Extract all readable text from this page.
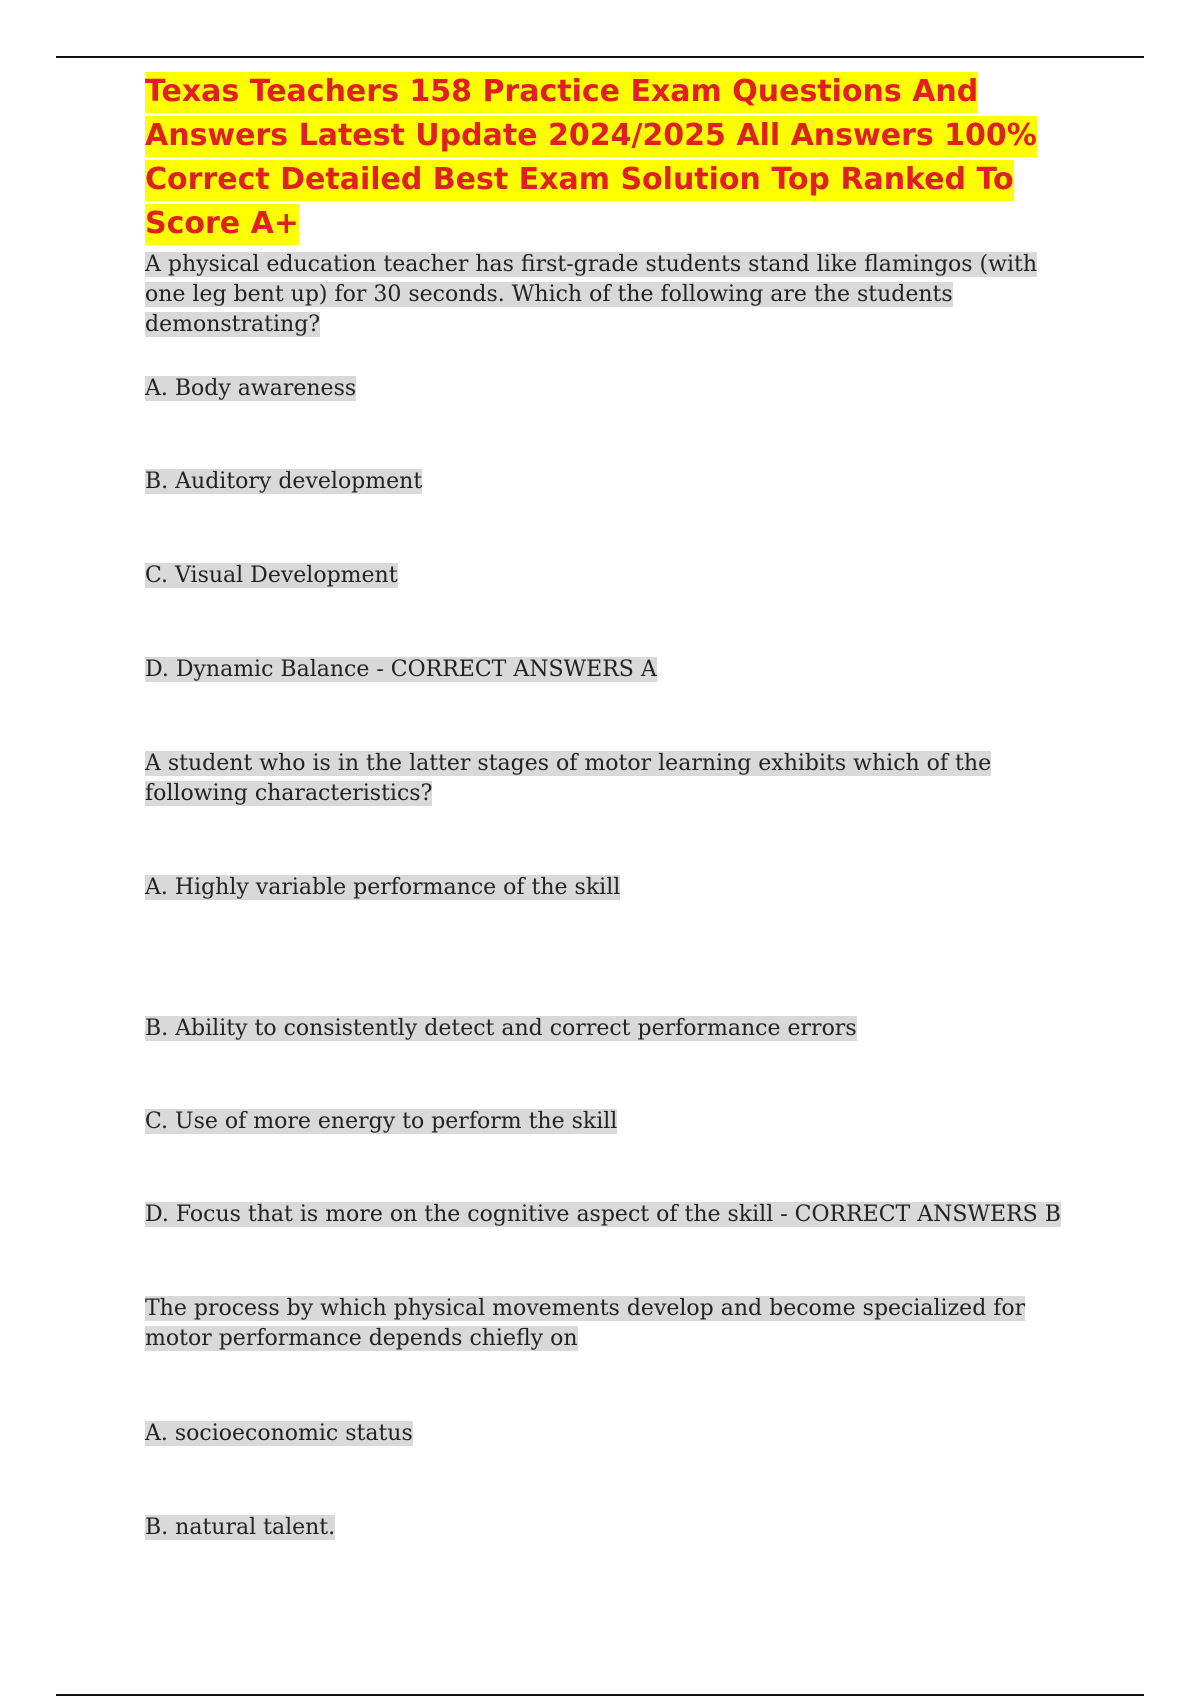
Texas Teachers 158 Practice Exam Questions And Answers Latest Update 2024/2025 All Answers 100% Correct Detailed Best Exam Solution Top Ranked To Score A+

A physical education teacher has first-grade students stand like flamingos (with one leg bent up) for 30 seconds. Which of the following are the students demonstrating?

A. Body awareness

B. Auditory development

C. Visual Development

D. Dynamic Balance - CORRECT ANSWERS A

A student who is in the latter stages of motor learning exhibits which of the following characteristics?

A. Highly variable performance of the skill

B. Ability to consistently detect and correct performance errors

C. Use of more energy to perform the skill

D. Focus that is more on the cognitive aspect of the skill - CORRECT ANSWERS B

The process by which physical movements develop and become specialized for motor performance depends chiefly on

A. socioeconomic status

B. natural talent.
